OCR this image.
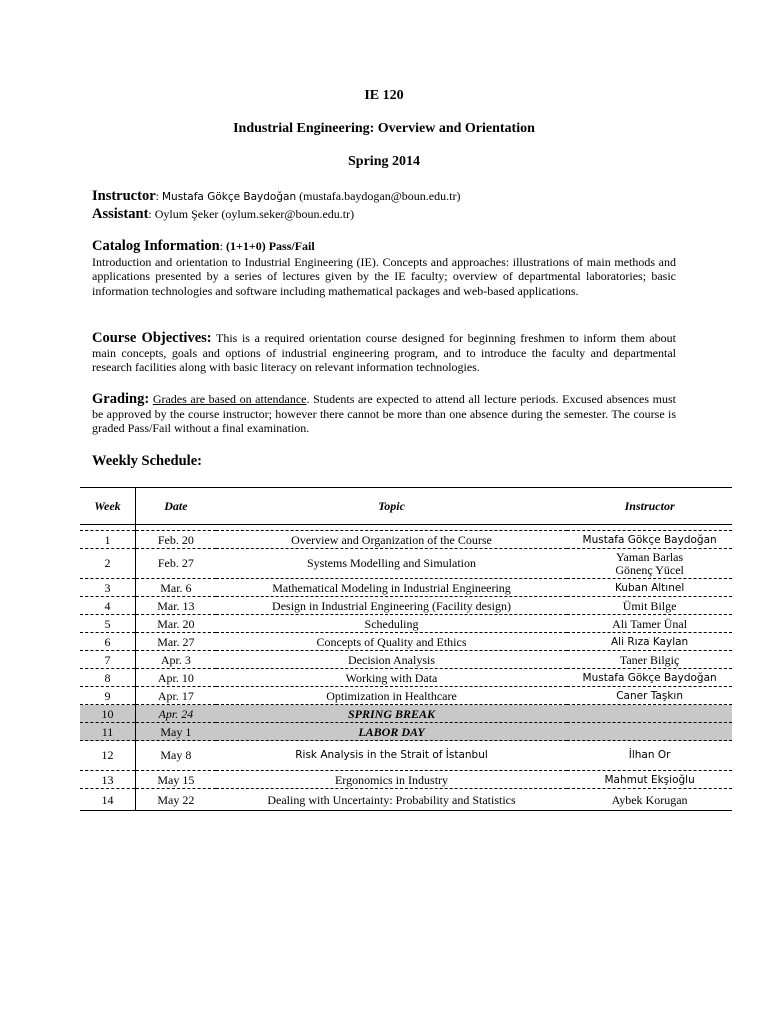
IE 120
Industrial Engineering: Overview and Orientation
Spring 2014
Instructor: Mustafa Gökçe Baydoğan (mustafa.baydogan@boun.edu.tr)
Assistant: Oylum Şeker (oylum.seker@boun.edu.tr)
Catalog Information: (1+1+0) Pass/Fail
Introduction and orientation to Industrial Engineering (IE). Concepts and approaches: illustrations of main methods and applications presented by a series of lectures given by the IE faculty; overview of departmental laboratories; basic information technologies and software including mathematical packages and web-based applications.
Course Objectives: This is a required orientation course designed for beginning freshmen to inform them about main concepts, goals and options of industrial engineering program, and to introduce the faculty and departmental research facilities along with basic literacy on relevant information technologies.
Grading: Grades are based on attendance. Students are expected to attend all lecture periods. Excused absences must be approved by the course instructor; however there cannot be more than one absence during the semester. The course is graded Pass/Fail without a final examination.
Weekly Schedule:
Week	Date	Topic	Instructor

1	Feb. 20	Overview and Organization of the Course	Mustafa Gökçe Baydoğan
2	Feb. 27	Systems Modelling and Simulation	Yaman Barlas
Gönenç Yücel

3	Mar. 6	Mathematical Modeling in Industrial Engineering	Kuban Altınel
4	Mar. 13	Design in Industrial Engineering (Facility design)	Ümit Bilge
5	Mar. 20	Scheduling	Ali Tamer Ünal
6	Mar. 27	Concepts of Quality and Ethics	Ali Rıza Kaylan
7	Apr. 3	Decision Analysis	Taner Bilgiç
8	Apr. 10	Working with Data	Mustafa Gökçe Baydoğan
9	Apr. 17	Optimization in Healthcare	Caner Taşkın
10	Apr. 24	SPRING BREAK	
11	May 1	LABOR DAY	
12	May 8	Risk Analysis in the Strait of İstanbul	İlhan Or
13	May 15	Ergonomics in Industry	Mahmut Ekşioğlu
14	May 22	Dealing with Uncertainty: Probability and Statistics	Aybek Korugan
